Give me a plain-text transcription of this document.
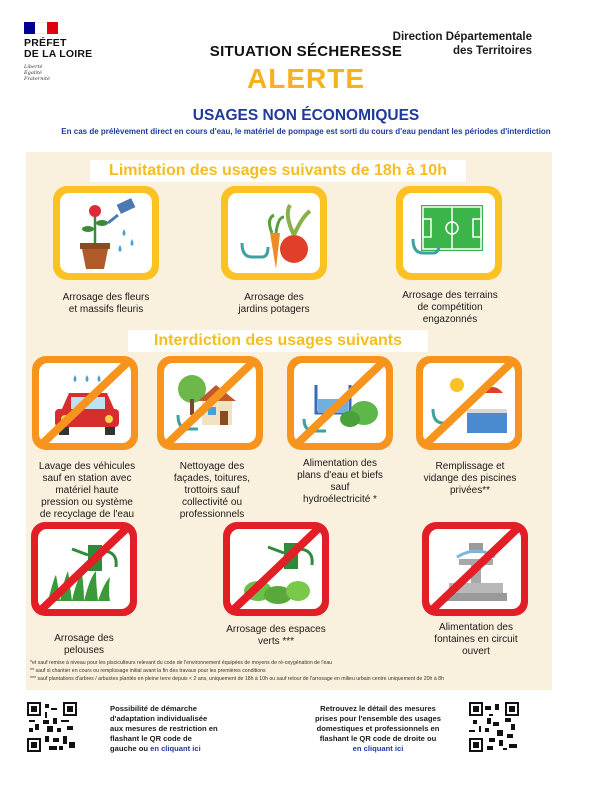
PRÉFET
DE LA LOIRE
Liberté
Égalité
Fraternité
Direction Départementale
des Territoires
SITUATION SÉCHERESSE
ALERTE
USAGES NON ÉCONOMIQUES
En cas de prélèvement direct en cours d'eau, le matériel de pompage est sorti du cours d'eau pendant les périodes d'interdiction
Limitation des usages suivants de 18h à 10h
Arrosage des fleurs
et massifs fleuris
Arrosage des
jardins potagers
Arrosage des terrains
de compétition
engazonnés
Interdiction des usages suivants
Lavage des véhicules
sauf en station avec
matériel haute
pression ou système
de recyclage de l'eau
Nettoyage des
façades, toitures,
trottoirs sauf
collectivité ou
professionnels
Alimentation des
plans d'eau et biefs
sauf
hydroélectricité *
Remplissage et
vidange des piscines
privées**
Arrosage des
pelouses
Arrosage des espaces
verts ***
Alimentation des
fontaines en circuit
ouvert
*et sauf remise à niveau pour les pisciculteurs relevant du code de l'environnement équipées de moyens de ré-oxygénation de l'eau
** sauf si chantier en cours ou remplissage initial avant la fin des travaux pour les premières conditions
*** sauf plantations d'arbres / arbustes plantés en pleine terre depuis < 2 ans, uniquement de 18h à 10h ou sauf retour de l'arrosage en milieu urbain centre uniquement de 20h à 8h
Possibilité de démarche
d'adaptation individualisée
aux mesures de restriction en
flashant le QR code de
gauche ou en cliquant ici
Retrouvez le détail des mesures
prises pour l'ensemble des usages
domestiques et professionnels en
flashant le QR code de droite ou
en cliquant ici
